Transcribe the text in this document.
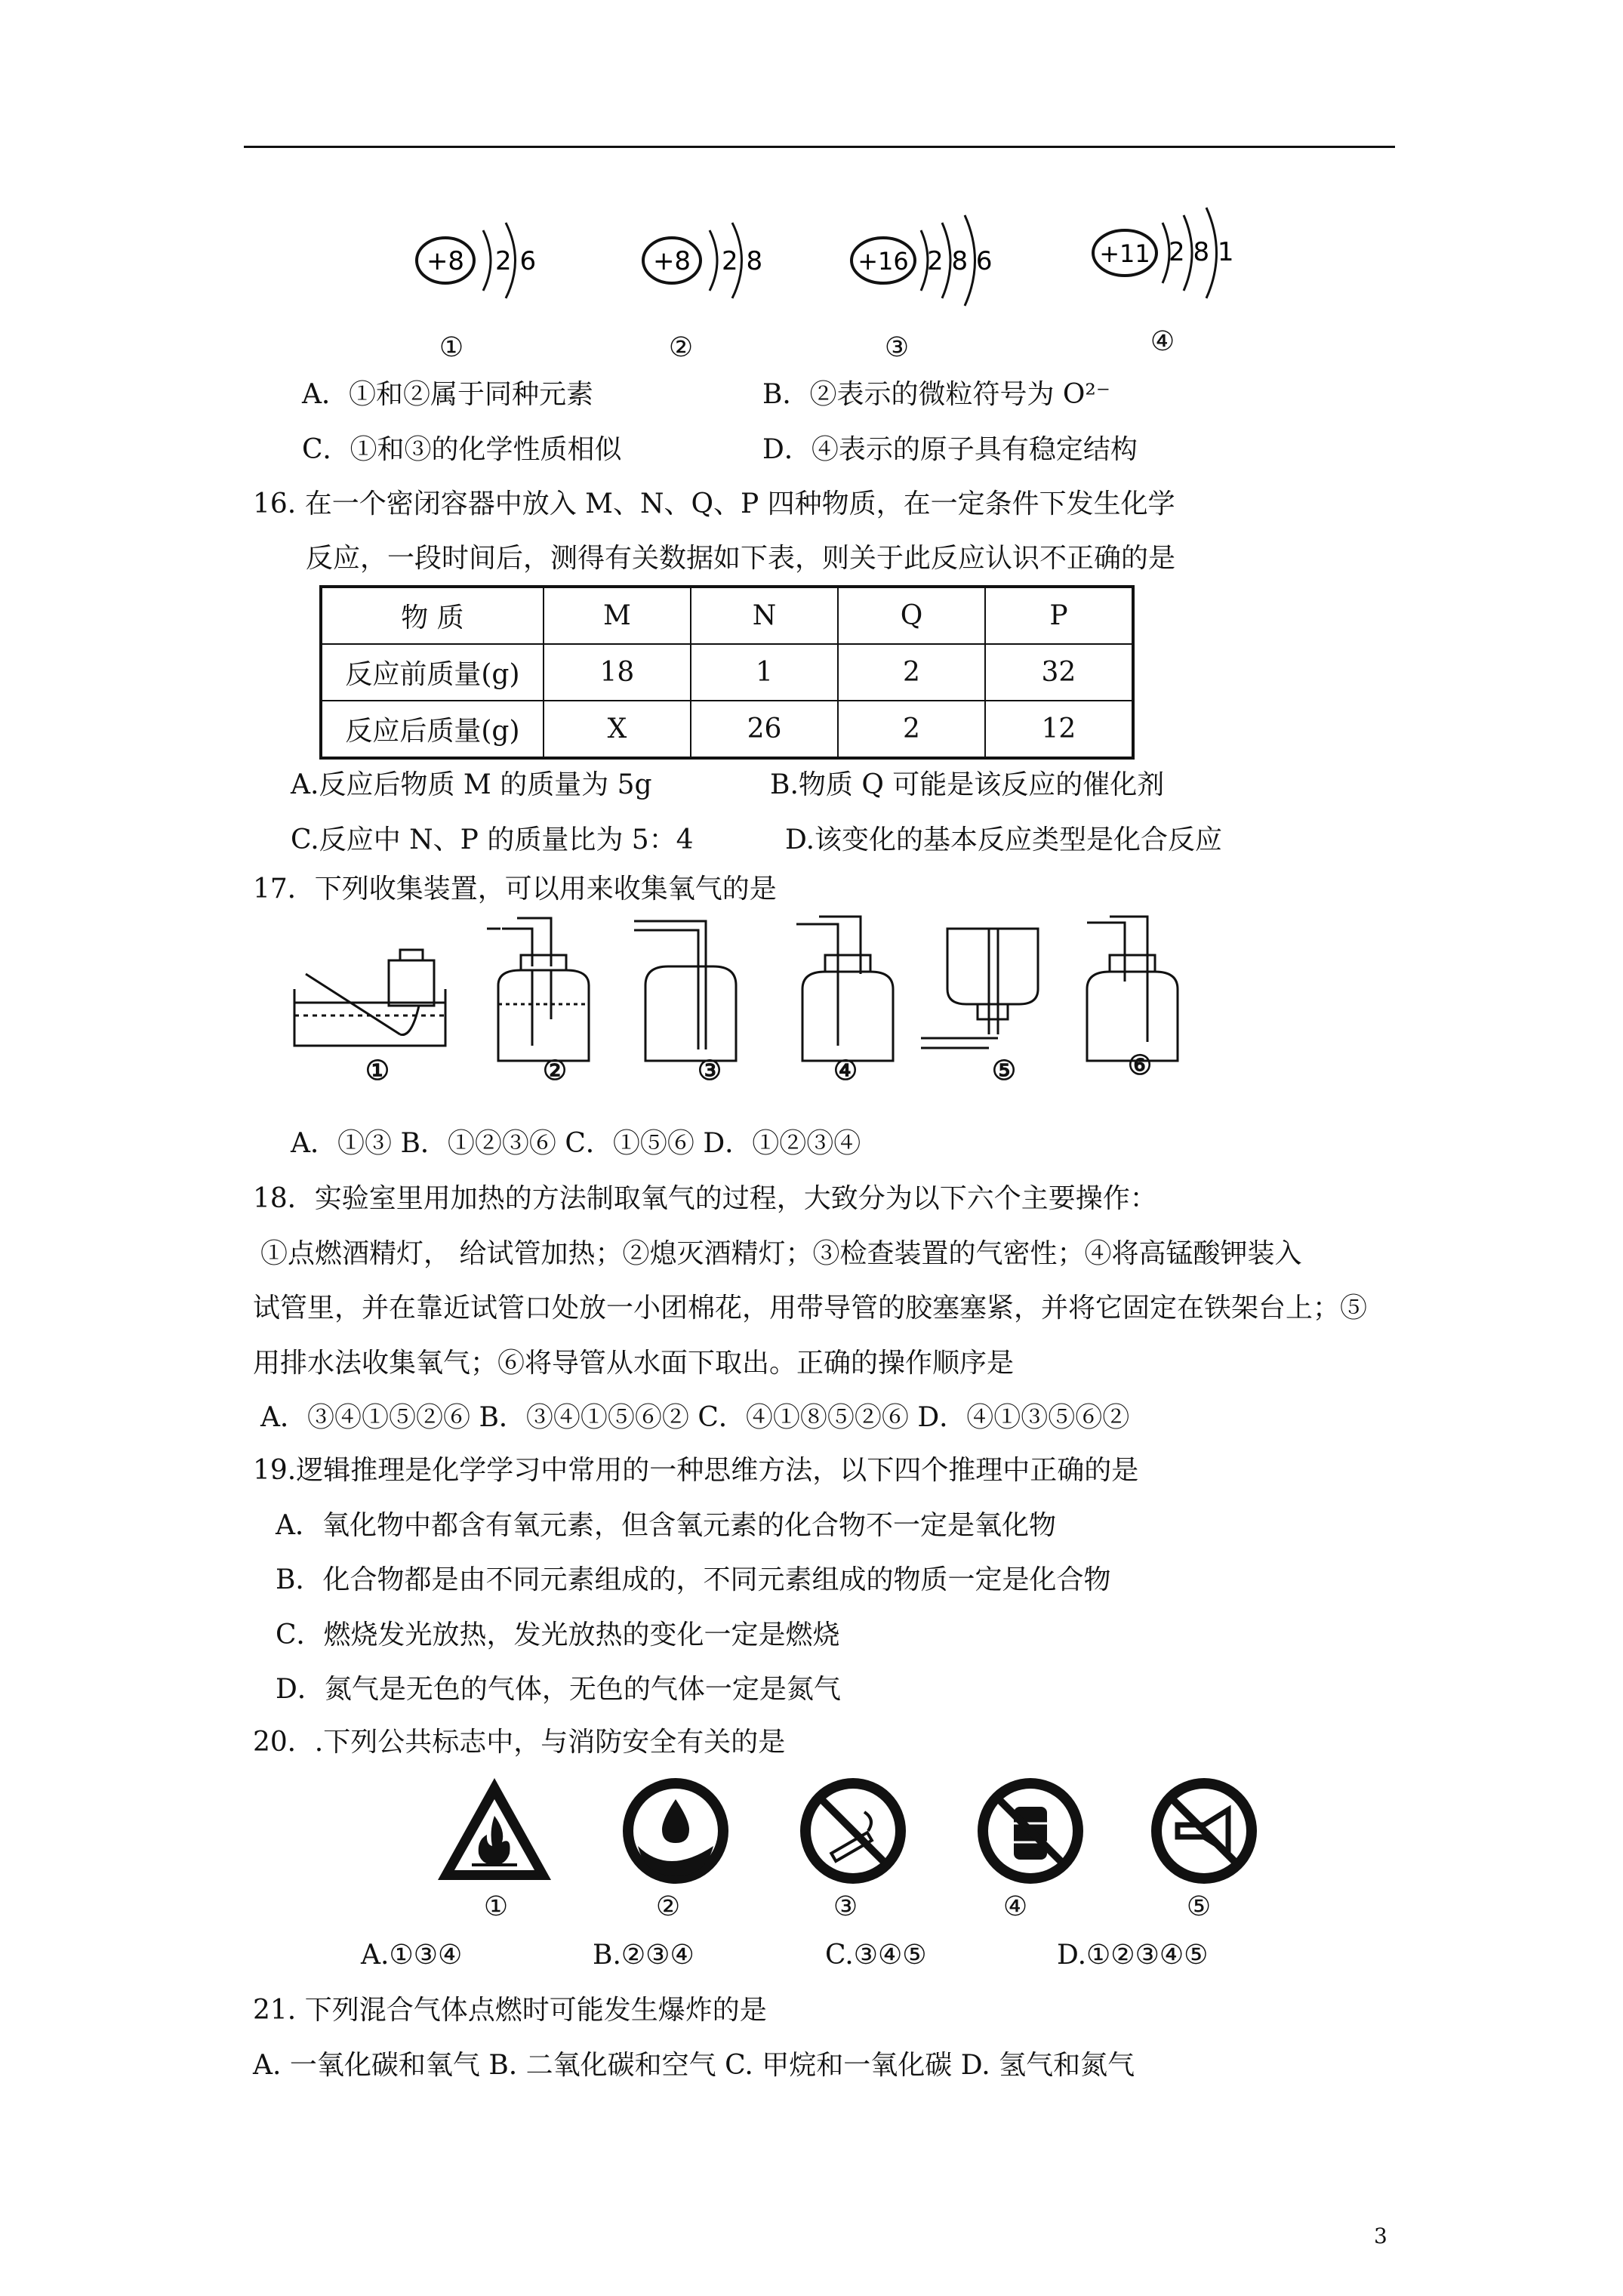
+8 2 6	+8 2 8	+16 2 8 6	+11 2 8 1
①	②	③	④
A．①和②属于同种元素	B．②表示的微粒符号为 O²⁻
C．①和③的化学性质相似	D．④表示的原子具有稳定结构
16. 在一个密闭容器中放入 M、N、Q、P 四种物质，在一定条件下发生化学
反应，一段时间后，测得有关数据如下表，则关于此反应认识不正确的是
物 质	M	N	Q	P
反应前质量(g)	18	1	2	32
反应后质量(g)	X	26	2	12
A.反应后物质 M 的质量为 5g	B.物质 Q 可能是该反应的催化剂
C.反应中 N、P 的质量比为 5：4	D.该变化的基本反应类型是化合反应
17．下列收集装置，可以用来收集氧气的是
①	②	③	④	⑤	⑥
A．①③ B．①②③⑥ C．①⑤⑥ D．①②③④
18．实验室里用加热的方法制取氧气的过程，大致分为以下六个主要操作：
①点燃酒精灯， 给试管加热；②熄灭酒精灯；③检查装置的气密性；④将高锰酸钾装入
试管里，并在靠近试管口处放一小团棉花，用带导管的胶塞塞紧，并将它固定在铁架台上；⑤
用排水法收集氧气；⑥将导管从水面下取出。正确的操作顺序是
A．③④①⑤②⑥ B．③④①⑤⑥② C．④①⑧⑤②⑥ D．④①③⑤⑥②
19.逻辑推理是化学学习中常用的一种思维方法，以下四个推理中正确的是
A．氧化物中都含有氧元素，但含氧元素的化合物不一定是氧化物
B．化合物都是由不同元素组成的，不同元素组成的物质一定是化合物
C．燃烧发光放热，发光放热的变化一定是燃烧
D．氮气是无色的气体，无色的气体一定是氮气
20．.下列公共标志中，与消防安全有关的是
①	②	③	④	⑤
A.①③④	B.②③④	C.③④⑤	D.①②③④⑤
21. 下列混合气体点燃时可能发生爆炸的是
A. 一氧化碳和氧气 B. 二氧化碳和空气 C. 甲烷和一氧化碳 D. 氢气和氮气
3
